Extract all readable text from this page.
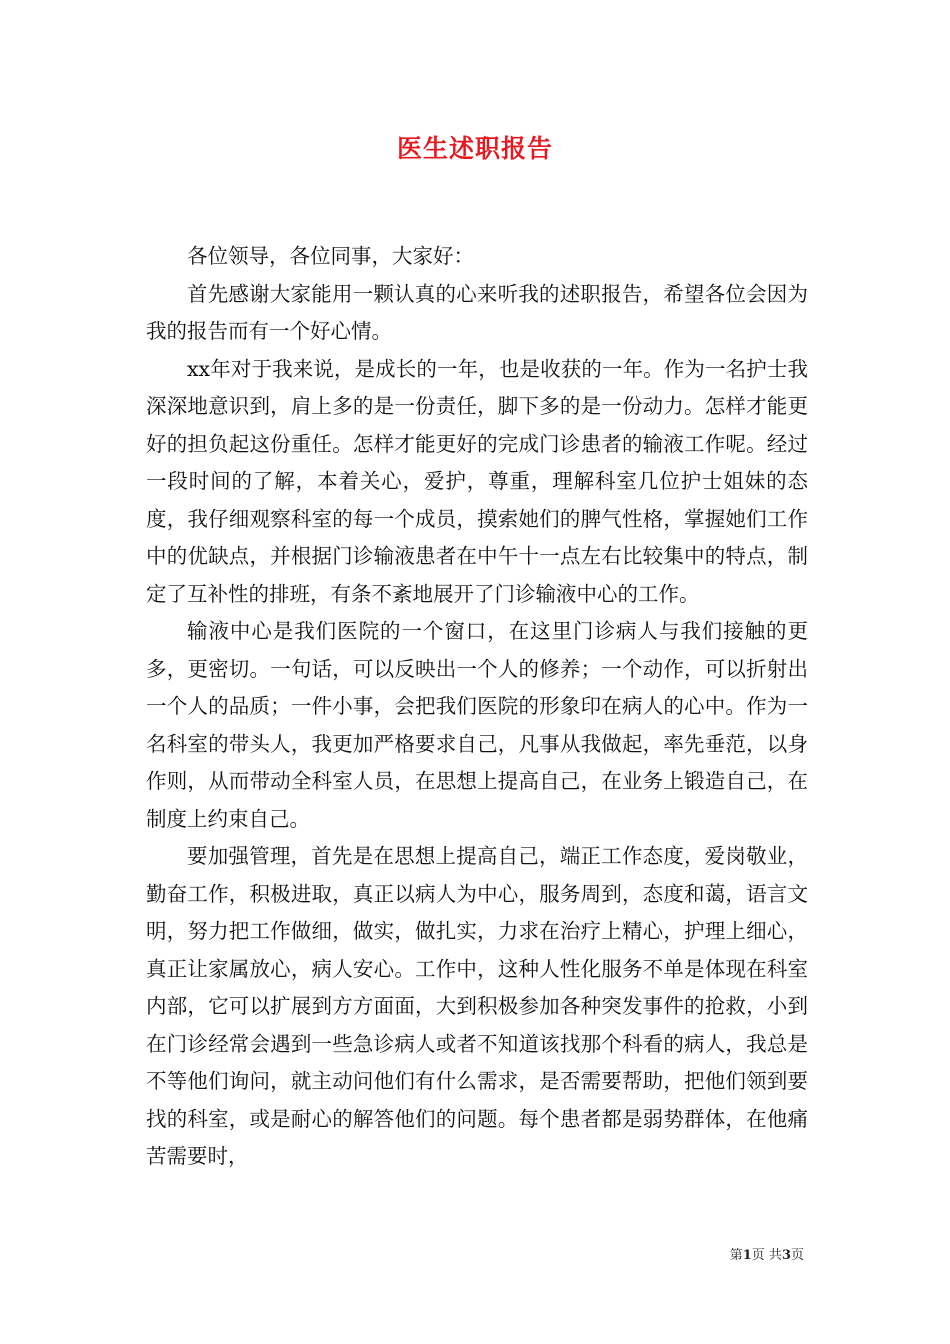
医生述职报告

各位领导，各位同事，大家好：

首先感谢大家能用一颗认真的心来听我的述职报告，希望各位会因为我的报告而有一个好心情。

xx年对于我来说，是成长的一年，也是收获的一年。作为一名护士我深深地意识到，肩上多的是一份责任，脚下多的是一份动力。怎样才能更好的担负起这份重任。怎样才能更好的完成门诊患者的输液工作呢。经过一段时间的了解，本着关心，爱护，尊重，理解科室几位护士姐妹的态度，我仔细观察科室的每一个成员，摸索她们的脾气性格，掌握她们工作中的优缺点，并根据门诊输液患者在中午十一点左右比较集中的特点，制定了互补性的排班，有条不紊地展开了门诊输液中心的工作。

输液中心是我们医院的一个窗口，在这里门诊病人与我们接触的更多，更密切。一句话，可以反映出一个人的修养；一个动作，可以折射出一个人的品质；一件小事，会把我们医院的形象印在病人的心中。作为一名科室的带头人，我更加严格要求自己，凡事从我做起，率先垂范，以身作则，从而带动全科室人员，在思想上提高自己，在业务上锻造自己，在制度上约束自己。

要加强管理，首先是在思想上提高自己，端正工作态度，爱岗敬业，勤奋工作，积极进取，真正以病人为中心，服务周到，态度和蔼，语言文明，努力把工作做细，做实，做扎实，力求在治疗上精心，护理上细心，真正让家属放心，病人安心。工作中，这种人性化服务不单是体现在科室内部，它可以扩展到方方面面，大到积极参加各种突发事件的抢救，小到在门诊经常会遇到一些急诊病人或者不知道该找那个科看的病人，我总是不等他们询问，就主动问他们有什么需求，是否需要帮助，把他们领到要找的科室，或是耐心的解答他们的问题。每个患者都是弱势群体，在他痛苦需要时，

第1页 共3页
